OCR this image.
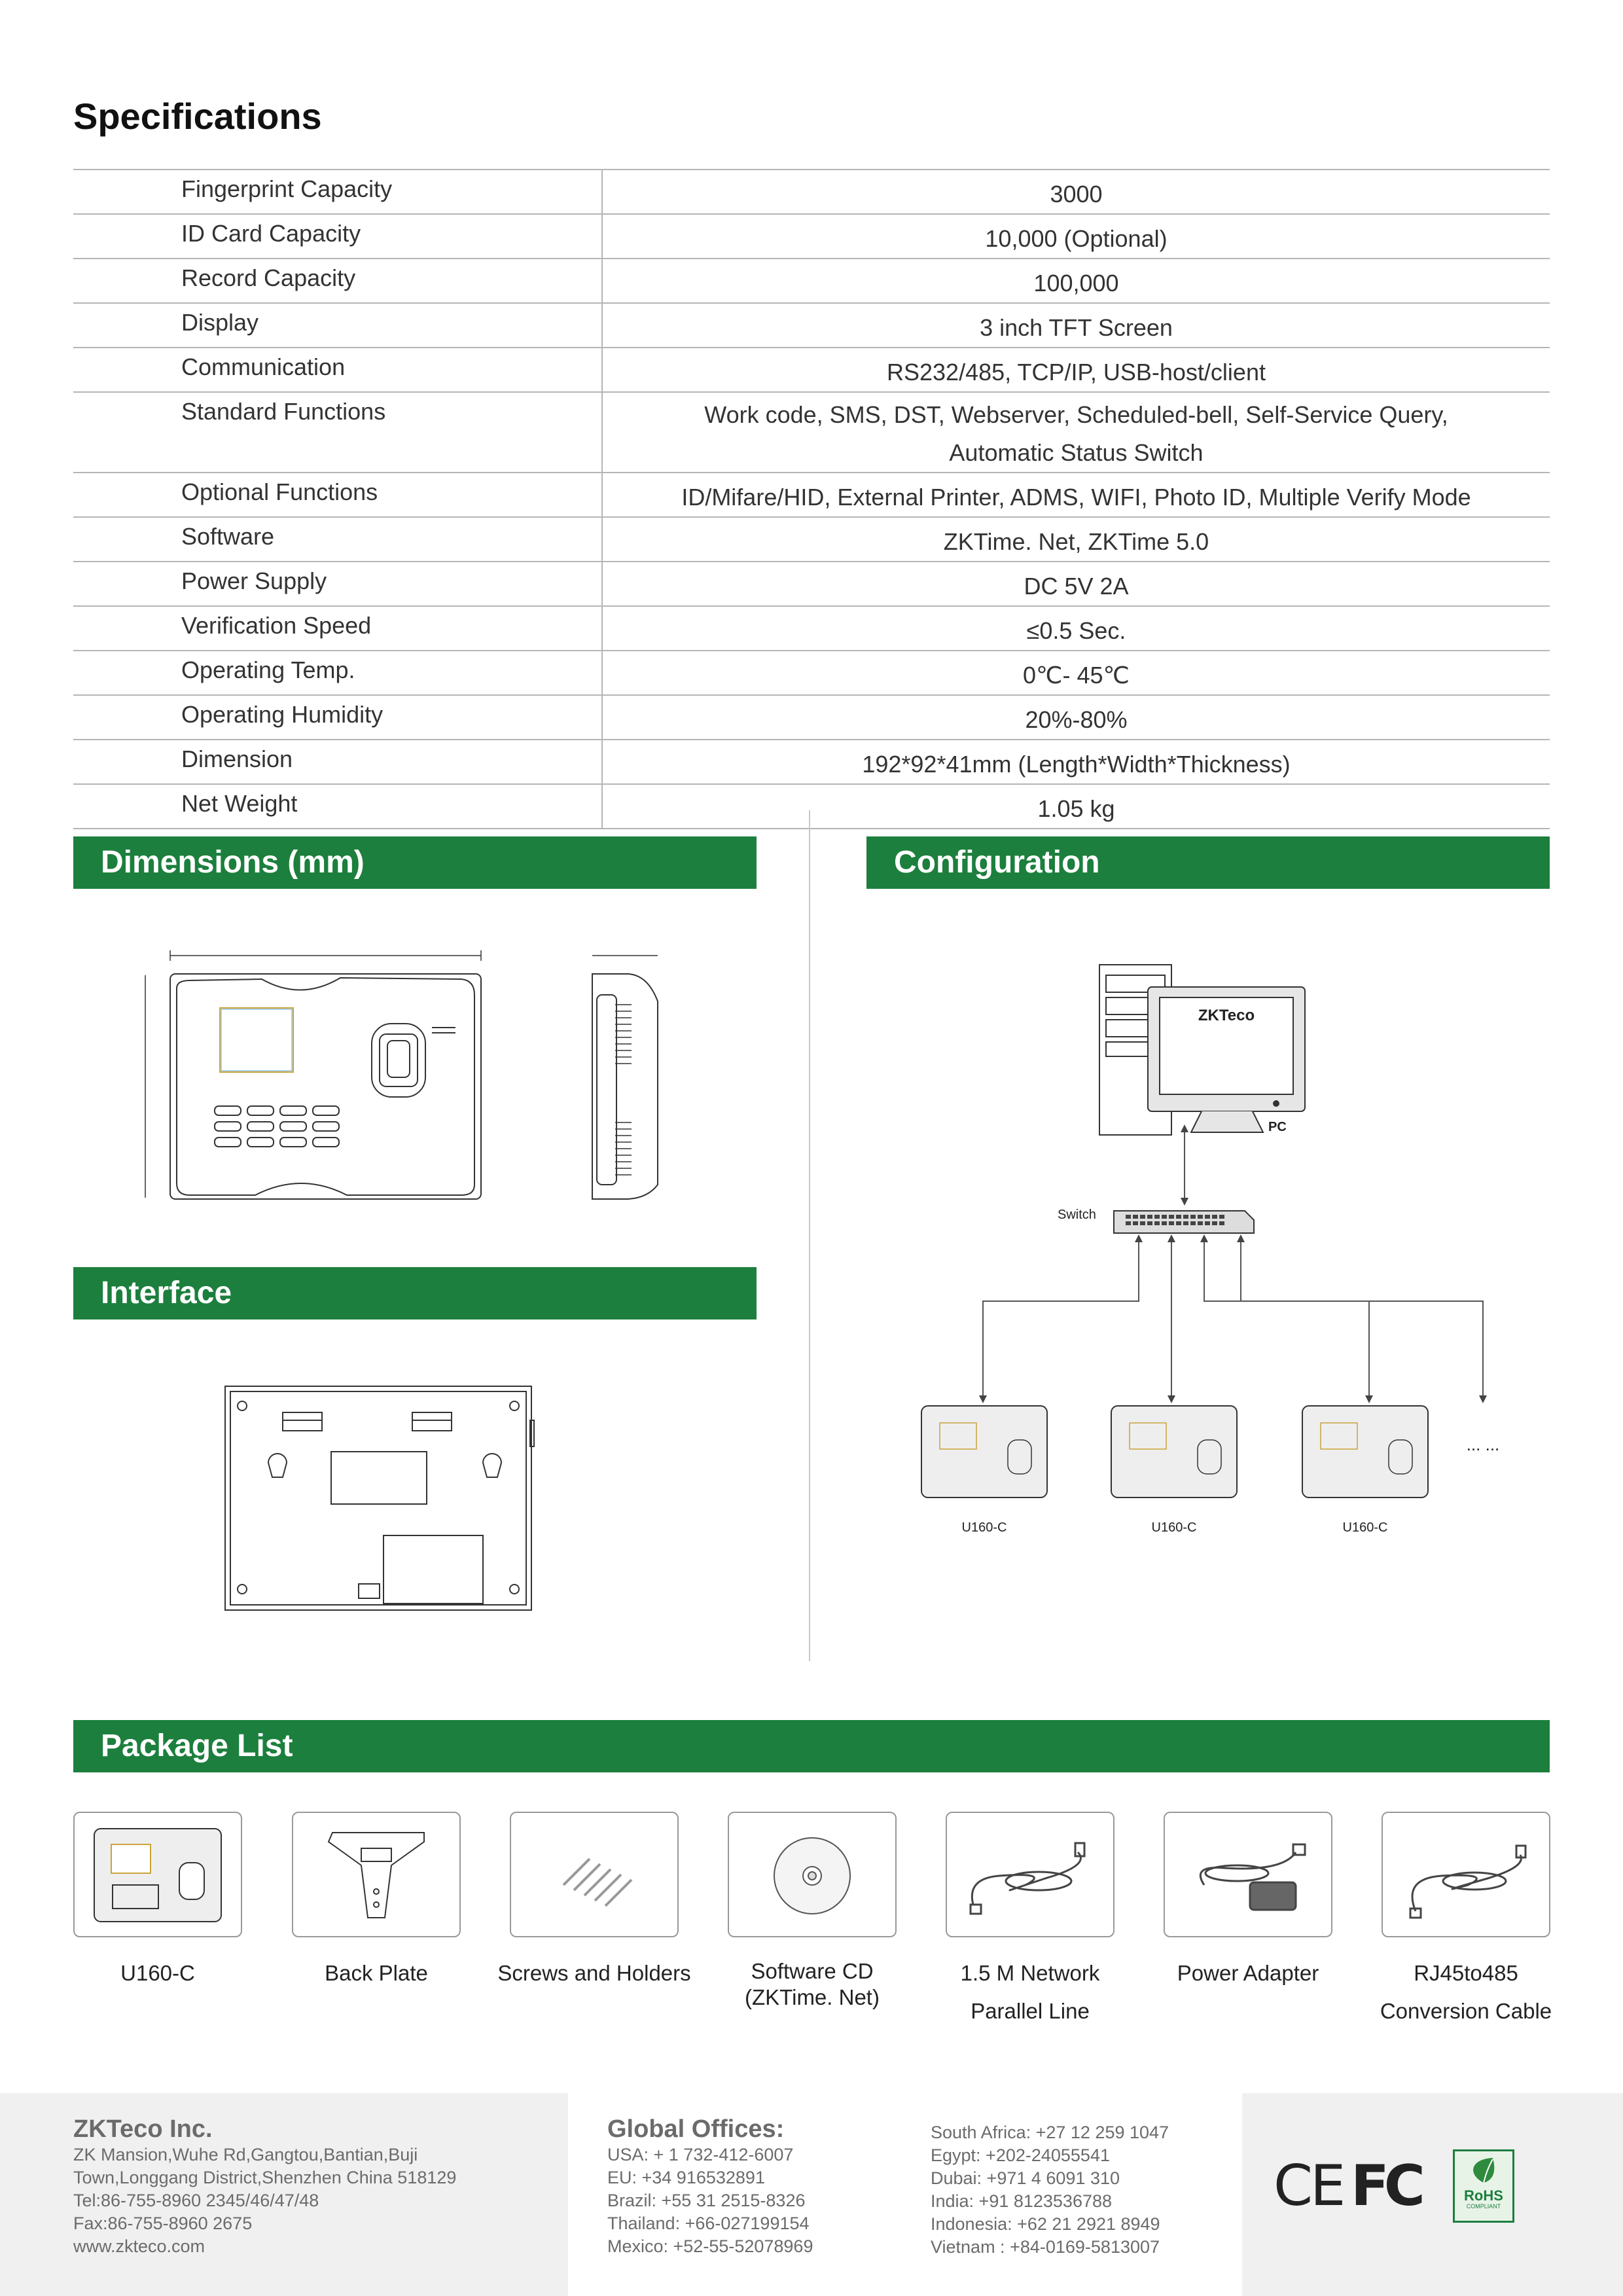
Specifications
Fingerprint Capacity	3000

ID Card Capacity	10,000 (Optional)

Record Capacity	100,000

Display	3 inch TFT Screen

Communication	RS232/485, TCP/IP, USB-host/client

Standard Functions	Work code, SMS, DST, Webserver, Scheduled-bell, Self-Service Query,
Automatic Status Switch

Optional Functions	ID/Mifare/HID, External Printer, ADMS, WIFI, Photo ID, Multiple Verify Mode

Software	ZKTime. Net, ZKTime 5.0

Power Supply	DC 5V 2A

Verification Speed	≤0.5 Sec.

Operating Temp.	0℃- 45℃

Operating Humidity	20%-80%

Dimension	192*92*41mm (Length*Width*Thickness)

Net Weight	1.05 kg
Dimensions (mm)	Configuration
Interface
Package List
ZKTeco
PC
Switch
U160-C	U160-C	U160-C
... ...
U160-C	Back Plate	Screws and Holders	Software CD
(ZKTime. Net)
1.5 M Network
Parallel Line
Power Adapter	RJ45to485
Conversion Cable
ZKTeco Inc.
ZK Mansion,Wuhe Rd,Gangtou,Bantian,Buji
Town,Longgang District,Shenzhen China 518129
Tel:86-755-8960 2345/46/47/48
Fax:86-755-8960 2675
www.zkteco.com
Global Offices:
USA: + 1 732-412-6007
EU: +34 916532891
Brazil: +55 31 2515-8326
Thailand: +66-027199154
Mexico: +52-55-52078969
South Africa: +27 12 259 1047
Egypt: +202-24055541
Dubai: +971 4 6091 310
India: +91 8123536788
Indonesia: +62 21 2921 8949
Vietnam : +84-0169-5813007
CE FC	RoHS
COMPLIANT
